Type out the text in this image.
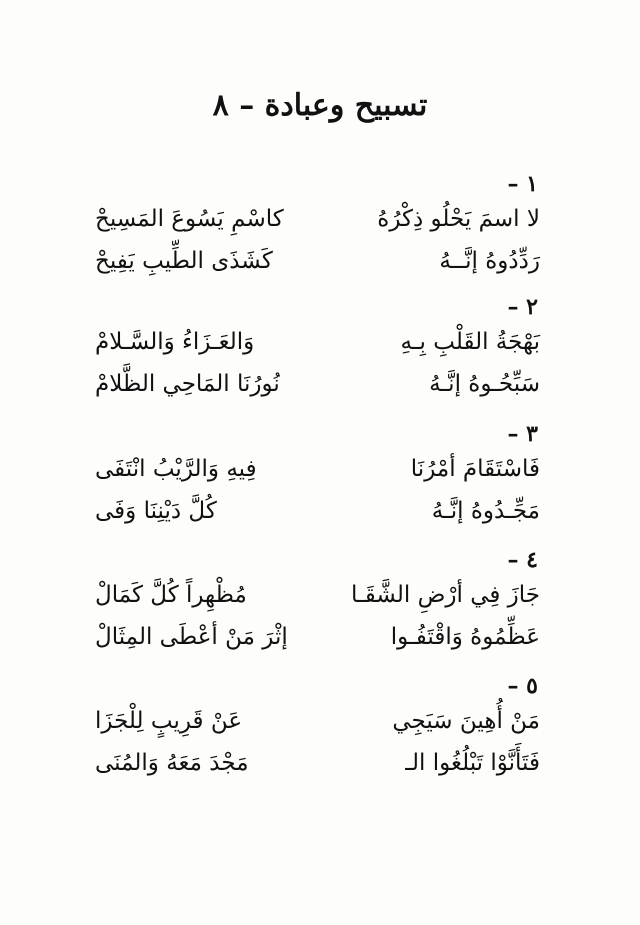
تسبيح وعبادة – ٨
١ –
لا اسمَ يَحْلُو ذِكْرُهُ
كاسْمِ يَسُوعَ المَسِيحْ
رَدِّدُوهُ إنَّــهُ
كَشَذَى الطِّيبِ يَفِيحْ
٢ –
بَهْجَةُ القَلْبِ بِـهِ
وَالعَـزَاءُ وَالسَّـلامْ
سَبِّحُـوهُ إنَّـهُ
نُورُنَا المَاحِي الظَّلامْ
٣ –
فَاسْتَقَامَ أمْرُنَا
فِيهِ وَالرَّيْبُ انْتَفَى
مَجِّـدُوهُ إنَّـهُ
كُلَّ دَيْنِنَا وَفَى
٤ –
جَازَ فِي أرْضِ الشَّقَـا
مُظْهِراً كُلَّ كَمَالْ
عَظِّمُوهُ وَاقْتَفُـوا
إثْرَ مَنْ أعْطَى المِثَالْ
٥ –
مَنْ أُهِينَ سَيَجِي
عَنْ قَرِيبٍ لِلْجَزَا
فَتَأَنَّوْا تَبْلُغُوا الـ
مَجْدَ مَعَهُ وَالمُنَى
